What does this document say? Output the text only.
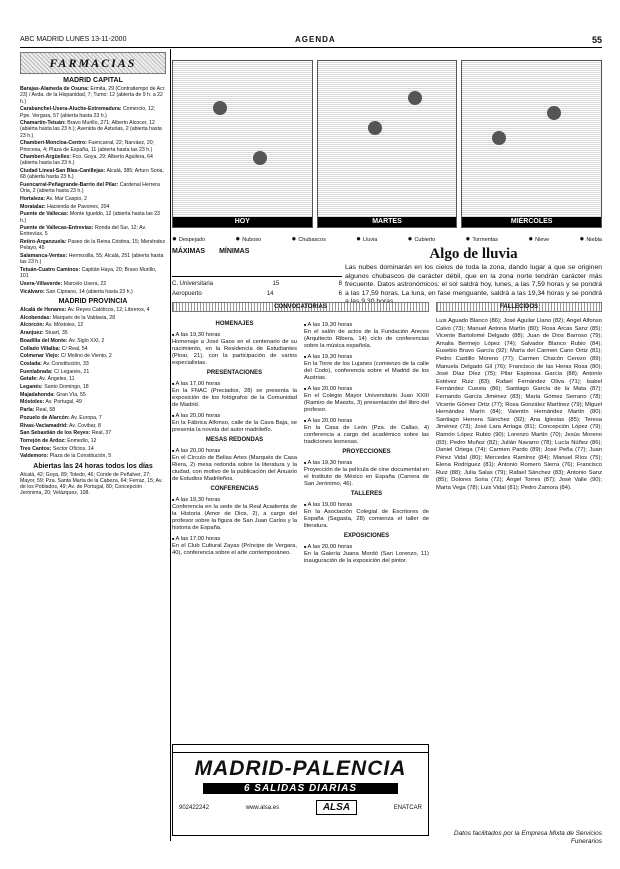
ABC MADRID LUNES 13-11-2000	AGENDA	55
FARMACIAS
MADRID CAPITAL
Barajas-Alameda de Osuna: Ermita, 29 (Contratiempo de Acr. 23) / Avda. de la Hispanidad, 7; Tumo: 12 (abierta de 9 h. a 22 h.)
Carabanchel-Usera-Aluche-Extremadura: Comercio, 12; Ppe. Vergara, 57 (abierta hasta 23 h.)
Chamartín-Tetuán: Bravo Murillo, 271; Alberto Alcocer, 12 (abierta hasta las 23 h.); Avenida de Asturias, 2 (abierta hasta 23 h.)
Chamberí-Moncloa-Centro: Fuencarral, 22; Narváez, 20; Princesa, 4; Plaza de España, 11 (abierta hasta las 23 h.)
Chamberí-Argüelles: Fco. Goya, 29; Alberto Aguilera, 64 (abierta hasta las 23 h.)
Ciudad Lineal-San Blas-Canillejas: Alcalá, 385; Arturo Soria, 68 (abierta hasta 23 h.)
Fuencarral-Peñagrande-Barrio del Pilar: Cardenal Herrera Oria, 2 (abierta hasta 23 h.)
Hortaleza: Av. Mar Caspio, 2
Moratalaz: Hacienda de Pavones, 204
Puente de Vallecas: Monte Igueldo, 12 (abierta hasta las 23 h.)
Puente de Vallecas-Entrevías: Ronda del Sur, 12; Av. Entrevías, 5
Retiro-Arganzuela: Paseo de la Reina Cristina, 15; Menéndez Pelayo, 45
Salamanca-Ventas: Hermosilla, 55; Alcalá, 251 (abierta hasta las 23 h.)
Tetuán-Cuatro Caminos: Capitán Haya, 20; Bravo Murillo, 101
Usera-Villaverde: Marcelo Usera, 22
Vicálvaro: San Cipriano, 14 (abierta hasta 23 h.)
MADRID PROVINCIA
Alcalá de Henares: Av. Reyes Católicos, 12; Libreros, 4
Alcobendas: Marqués de la Valdavia, 28
Alcorcón: Av. Móstoles, 12
Aranjuez: Stuart, 35
Boadilla del Monte: Av. Siglo XXI, 2
Collado Villalba: C/ Real, 54
Colmenar Viejo: C/ Molino de Viento, 2
Coslada: Av. Constitución, 33
Fuenlabrada: C/ Leganés, 21
Getafe: Av. Ángeles, 11
Leganés: Santo Domingo, 18
Majadahonda: Gran Vía, 55
Móstoles: Av. Portugal, 49
Parla: Real, 58
Pozuelo de Alarcón: Av. Europa, 7
Rivas-Vaciamadrid: Av. Covibar, 8
San Sebastián de los Reyes: Real, 37
Torrejón de Ardoz: Enmedio, 12
Tres Cantos: Sector Oficios, 14
Valdemoro: Plaza de la Constitución, 5
Abiertas las 24 horas todos los días
Alcalá, 42; Goya, 89; Toledo, 46; Conde de Peñalver, 27; Mayor, 59; Pza. Santa María de la Cabeza, 64; Ferraz, 15; Av. de los Poblados, 49; Av. de Portugal, 80; Concepción Jerónima, 20; Velázquez, 108.
HOY	MARTES	MIÉRCOLES
● Despejado	● Nuboso	● Chubascos	● Lluvia	● Cubierto	● Tormentas	● Nieve	● Niebla
MÁXIMAS MÍNIMAS
C. Universitaria	15	8
Aeropuerto	14	6
Algo de lluvia
Las nubes dominarán en los cielos de toda la zona, dando lugar a que se originen algunos chubascos de carácter débil, que en la zona norte tendrán carácter más frecuente. Datos astronómicos: el sol saldrá hoy, lunes, a las 7,59 horas y se pondrá a las 17,59 horas. La luna, en fase menguante, saldrá a las 19,34 horas y se pondrá
CONVOCATORIAS	FALLECIDOS
HOMENAJES
■ A las 19,30 horas

Homenaje a José Gaos en el centenario de su nacimiento, en la Residencia de Estudiantes (Pinar, 21), con la participación de varios especialistas.

PRESENTACIONES
■ A las 17,00 horas

En la FNAC (Preciados, 28) se presenta la exposición de los fotógrafos de la Comunidad de Madrid.

■ A las 20,00 horas

En la Fábrica Alfonso, calle de la Cava Baja, se presenta la novela del autor madrileño.

MESAS REDONDAS
■ A las 20,00 horas

En el Círculo de Bellas Artes (Marqués de Casa Riera, 2) mesa redonda sobre la literatura y la ciudad, con motivo de la publicación del Anuario de Estudios Madrileños.

CONFERENCIAS
■ A las 19,30 horas

Conferencia en la sede de la Real Academia de la Historia (Amor de Dios, 2), a cargo del profesor sobre la figura de San Juan Carlos y la historia de España.

■ A las 17,00 horas

En el Club Cultural Zayas (Príncipe de Vergara, 40), conferencia sobre el arte contemporáneo.

■ A las 19,30 horas

En el salón de actos de la Fundación Areces (Arquitecto Ribera, 14) ciclo de conferencias sobre la música española.

■ A las 19,30 horas

En la Torre de los Lujanes (comienzo de la calle del Codo), conferencia sobre el Madrid de los Austrias.

■ A las 20,00 horas

En el Colegio Mayor Universitario Juan XXIII (Ramiro de Maeztu, 3) presentación del libro del profesor.

■ A las 20,00 horas

En la Casa de León (Pza. de Callao, 4) conferencia a cargo del académico sobre las tradiciones leonesas.

PROYECCIONES
■ A las 19,30 horas

Proyección de la película de cine documental en el Instituto de México en España (Carrera de San Jerónimo, 46).

TALLERES
■ A las 19,00 horas

En la Asociación Colegial de Escritores de España (Sagasta, 28) comienza el taller de literatura.

EXPOSICIONES
■ A las 20,00 horas

En la Galería Juana Mordó (San Lorenzo, 11) inauguración de la exposición del pintor.

Luis Aguado Blanco (86); José Aguilar Llano (82); Angel Alfonso Calvo (73); Manuel Antona Martín (80); Rosa Arcas Sanz (85); Vicente Bartolomé Delgado (88); Juan de Dios Barroso (79); Amalia Bermejo López (74); Salvador Blanco Rubio (84); Eusebio Bravo García (92); María del Carmen Cano Ortiz (81); Pedro Castillo Moreno (77); Carmen Chacón Cerezo (89); Manuela Delgado Gil (76); Francisco de las Heras Rosa (80); José Díaz Díez (75); Pilar Espinosa García (88); Antonio Estévez Ruiz (83); Rafael Fernández Oliva (71); Isabel Fernández Cuesta (86); Santiago García de la Mata (87); Fernando García Jiménez (83); María Gómez Serrano (78); Vicente Gómez Ortiz (77); Rosa González Martínez (79); Miguel Hernández Marín (84); Valentín Hernández Martín (80); Santiago Herrera Sánchez (92); Ana Iglesias (85); Teresa Jiménez (73); José Lara Arriaga (81); Concepción López (79); Ramón López Rubio (90); Lorenzo Martín (70); Jesús Moreno (83); Pedro Muñoz (82); Julián Navarro (78); Lucía Núñez (86); Daniel Ortega (74); Carmen Pardo (89); José Peña (77); Juan Pérez Vidal (80); Mercedes Ramírez (84); Manuel Ríos (75); Elena Rodríguez (81); Antonio Romero Sierra (76); Francisco Ruiz (88); Julia Salas (79); Rafael Sánchez (83); Antonio Sanz (85); Dolores Soria (72); Ángel Torres (87); José Valle (90); Marta Vega (78); Luis Vidal (81); Pedro Zamora (84).
MADRID-PALENCIA
6 SALIDAS DIARIAS
902422242	www.alsa.es	ALSA	ENATCAR
Datos facilitados por la Empresa Mixta de Servicios Funerarios
